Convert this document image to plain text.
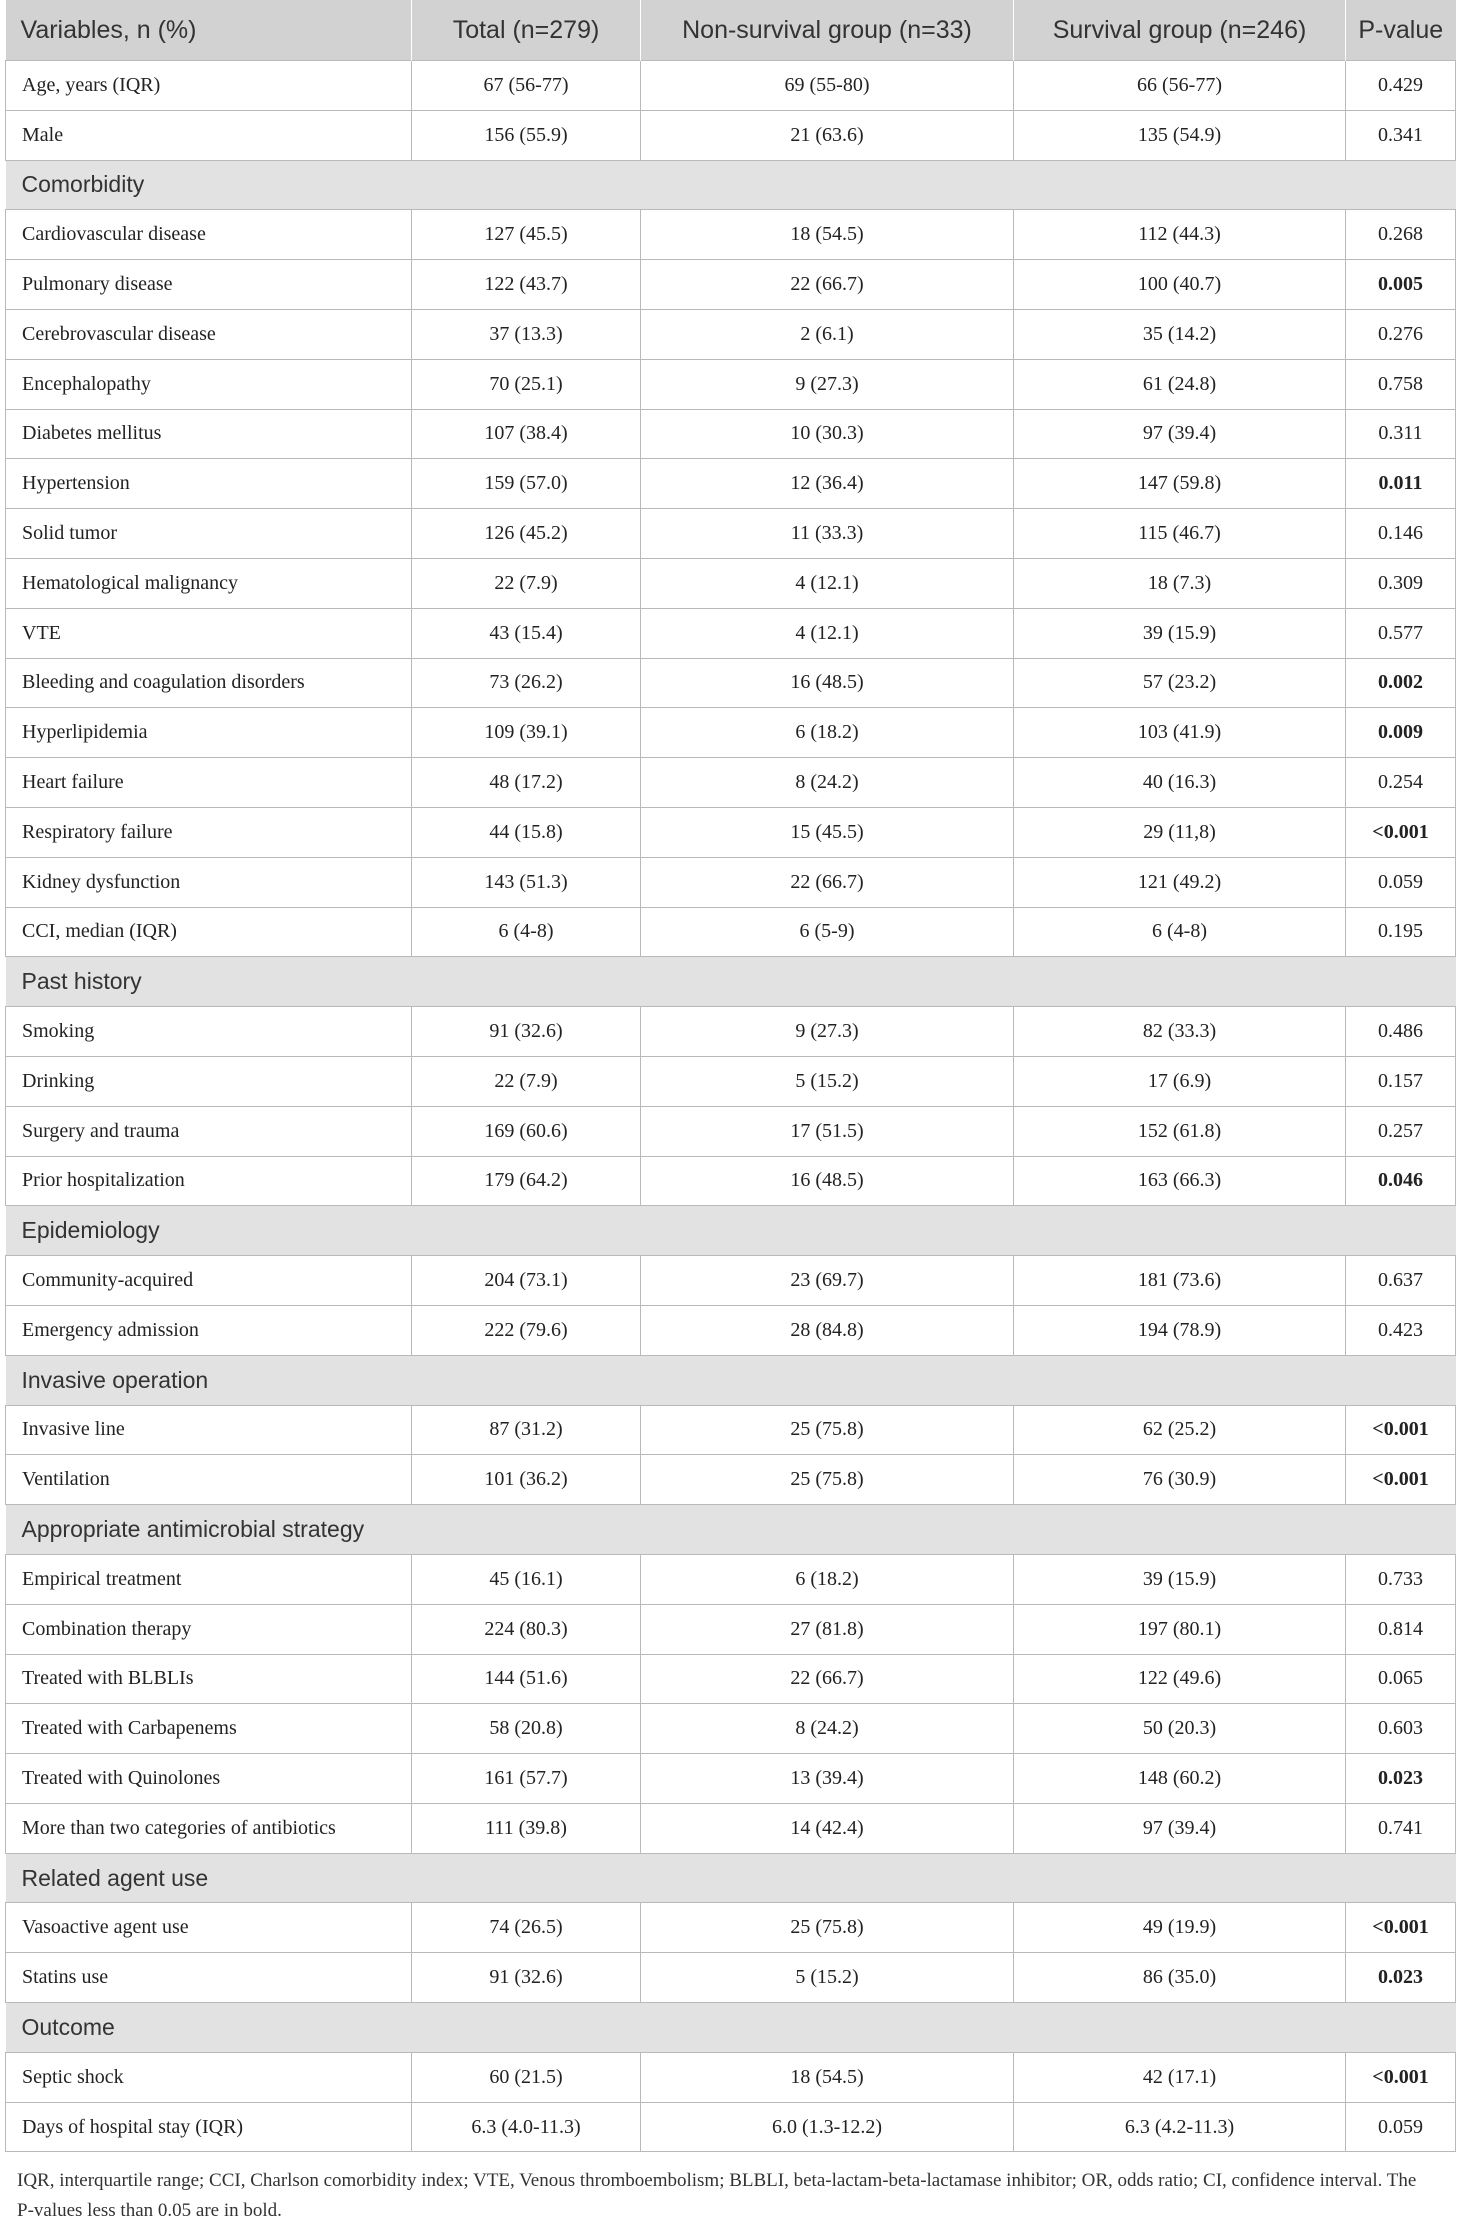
Variables, n (%)	Total (n=279)	Non-survival group (n=33)	Survival group (n=246)	P-value
Age, years (IQR)	67 (56-77)	69 (55-80)	66 (56-77)	0.429
Male	156 (55.9)	21 (63.6)	135 (54.9)	0.341
Comorbidity				
Cardiovascular disease	127 (45.5)	18 (54.5)	112 (44.3)	0.268
Pulmonary disease	122 (43.7)	22 (66.7)	100 (40.7)	0.005
Cerebrovascular disease	37 (13.3)	2 (6.1)	35 (14.2)	0.276
Encephalopathy	70 (25.1)	9 (27.3)	61 (24.8)	0.758
Diabetes mellitus	107 (38.4)	10 (30.3)	97 (39.4)	0.311
Hypertension	159 (57.0)	12 (36.4)	147 (59.8)	0.011
Solid tumor	126 (45.2)	11 (33.3)	115 (46.7)	0.146
Hematological malignancy	22 (7.9)	4 (12.1)	18 (7.3)	0.309
VTE	43 (15.4)	4 (12.1)	39 (15.9)	0.577
Bleeding and coagulation disorders	73 (26.2)	16 (48.5)	57 (23.2)	0.002
Hyperlipidemia	109 (39.1)	6 (18.2)	103 (41.9)	0.009
Heart failure	48 (17.2)	8 (24.2)	40 (16.3)	0.254
Respiratory failure	44 (15.8)	15 (45.5)	29 (11,8)	<0.001
Kidney dysfunction	143 (51.3)	22 (66.7)	121 (49.2)	0.059
CCI, median (IQR)	6 (4-8)	6 (5-9)	6 (4-8)	0.195
Past history				
Smoking	91 (32.6)	9 (27.3)	82 (33.3)	0.486
Drinking	22 (7.9)	5 (15.2)	17 (6.9)	0.157
Surgery and trauma	169 (60.6)	17 (51.5)	152 (61.8)	0.257
Prior hospitalization	179 (64.2)	16 (48.5)	163 (66.3)	0.046
Epidemiology				
Community-acquired	204 (73.1)	23 (69.7)	181 (73.6)	0.637
Emergency admission	222 (79.6)	28 (84.8)	194 (78.9)	0.423
Invasive operation				
Invasive line	87 (31.2)	25 (75.8)	62 (25.2)	<0.001
Ventilation	101 (36.2)	25 (75.8)	76 (30.9)	<0.001
Appropriate antimicrobial strategy				
Empirical treatment	45 (16.1)	6 (18.2)	39 (15.9)	0.733
Combination therapy	224 (80.3)	27 (81.8)	197 (80.1)	0.814
Treated with BLBLIs	144 (51.6)	22 (66.7)	122 (49.6)	0.065
Treated with Carbapenems	58 (20.8)	8 (24.2)	50 (20.3)	0.603
Treated with Quinolones	161 (57.7)	13 (39.4)	148 (60.2)	0.023
More than two categories of antibiotics	111 (39.8)	14 (42.4)	97 (39.4)	0.741
Related agent use				
Vasoactive agent use	74 (26.5)	25 (75.8)	49 (19.9)	<0.001
Statins use	91 (32.6)	5 (15.2)	86 (35.0)	0.023
Outcome				
Septic shock	60 (21.5)	18 (54.5)	42 (17.1)	<0.001
Days of hospital stay (IQR)	6.3 (4.0-11.3)	6.0 (1.3-12.2)	6.3 (4.2-11.3)	0.059
IQR, interquartile range; CCI, Charlson comorbidity index; VTE, Venous thromboembolism; BLBLI, beta-lactam-beta-lactamase inhibitor; OR, odds ratio; CI, confidence interval. The P-values less than 0.05 are in bold.
